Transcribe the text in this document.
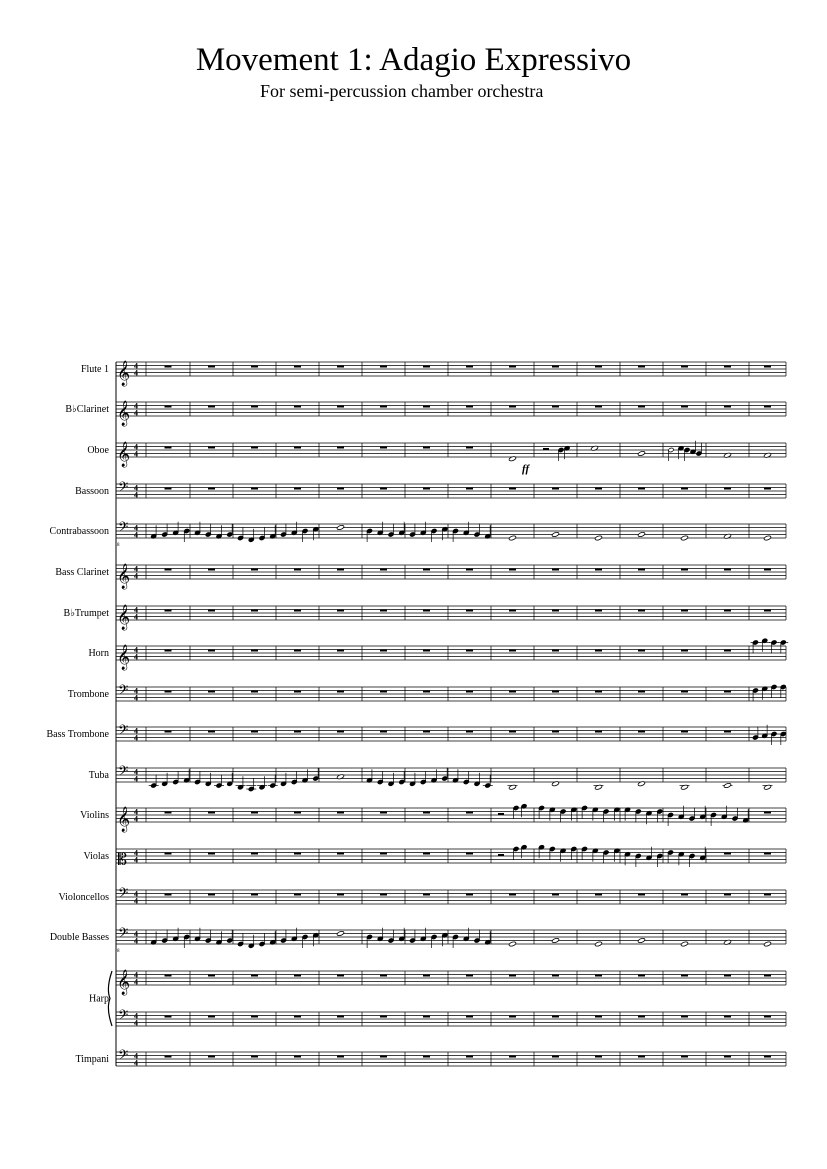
Movement 1: Adagio Expressivo
For semi-percussion chamber orchestra
Flute 1 𝄞 4
4
B♭Clarinet 𝄞 4
4
Oboe 𝄞 4
4
Bassoon 𝄢 4
4
Contrabassoon 𝄢 4
4
8
Bass Clarinet 𝄞 4
4
B♭Trumpet 𝄞 4
4
Horn 𝄞 4
4
Trombone 𝄢 4
4
Bass Trombone 𝄢 4
4
Tuba 𝄢 4
4
Violins 𝄞 4
4
Violas 𝄡 4
4
Violoncellos 𝄢 4
4
Double Basses 𝄢 4
4
8
Harp
𝄞 4
4
𝄢 4
4
Timpani 𝄢 4
4
ff
